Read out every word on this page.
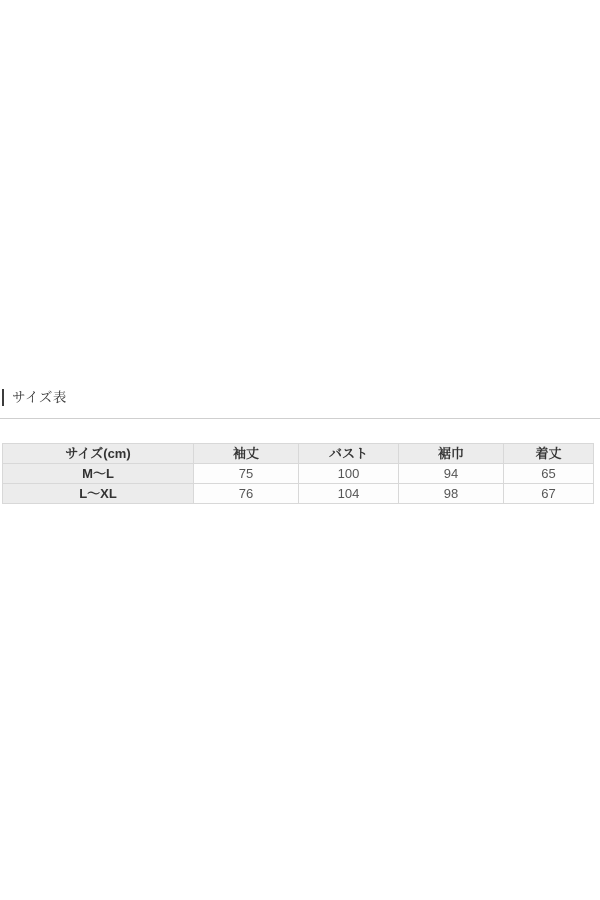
サイズ表
サイズ(cm)	袖丈	バスト	裾巾	着丈
M〜L	75	100	94	65
L〜XL	76	104	98	67
